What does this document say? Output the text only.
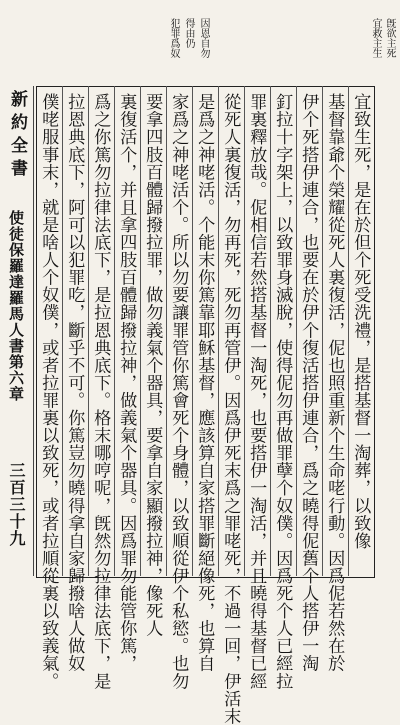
旣欲主死
宜救主生
因恩自勿
得由仍
犯罪爲奴
宜致生死，是在於但个死受洗禮，是搭基督一淘葬，以致像
基督靠爺个榮耀從死人裏復活，伲也照重新个生命咾行動。因爲伲若然在於
伊个死搭伊連合，也要在於伊个復活搭伊連合，爲之曉得伲舊个人搭伊一淘
釘拉十字架上，以致罪身滅脫，使得伲勿再做罪孽个奴僕。因爲死个人已經拉
罪裏釋放哉。伲相信若然搭基督一淘死，也要搭伊一淘活，并且曉得基督已經
從死人裏復活，勿再死，死勿再管伊。因爲伊死末爲之罪咾死，不過一回，伊活末
是爲之神咾活。个能末你篤靠耶穌基督，應該算自家搭罪斷絕像死，也算自
家爲之神咾活个。所以勿要讓罪管你篤會死个身體，以致順從伊个私慾。也勿
要拿四肢百體歸撥拉罪，做勿義氣个器具，要拿自家顯撥拉神，像死人
裏復活个，并且拿四肢百體歸撥拉神，做義氣个器具。因爲罪勿能管你篤，
爲之你篤勿拉律法底下，是拉恩典底下。格末哪哼呢，旣然勿拉律法底下，是
拉恩典底下，阿可以犯罪吃，斷乎不可。你篤豈勿曉得拿自家歸撥啥人做奴
僕咾服事末，就是啥人个奴僕，或者拉罪裏以致死，或者拉順從裏以致義氣。
新約全書
使徒保羅達羅馬人書第六章
三百三十九
